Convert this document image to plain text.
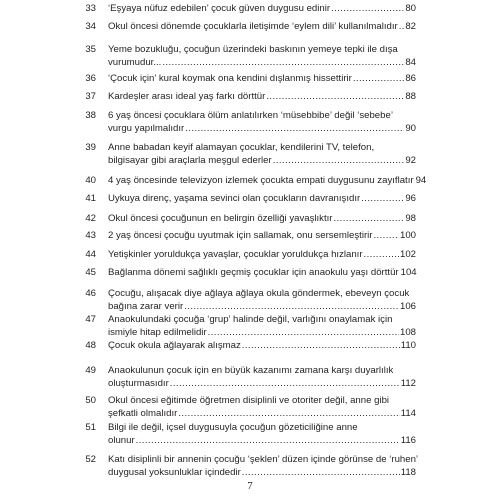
33 ‘Eşyaya nüfuz edebilen’ çocuk güven duygusu edinir .....	80
34 Okul öncesi dönemde çocuklarla iletişimde ‘eylem dili’ kullanılmalıdır ..... 82
35 Yeme bozukluğu, çocuğun üzerindeki baskının yemeye tepki ile dışa
vurumudur... .....	84
36 ‘Çocuk için’ kural koymak ona kendini dışlanmış hissettirir .....	86
37 Kardeşler arası ideal yaş farkı dörttür .....	88
38 6 yaş öncesi çocuklara ölüm anlatılırken ‘müsebbibe’ değil ‘sebebe’
vurgu yapılmalıdır .....	90
39 Anne babadan keyif alamayan çocuklar, kendilerini TV, telefon,
bilgisayar gibi araçlarla meşgul ederler .....	92
40 4 yaş öncesinde televizyon izlemek çocukta empati duygusunu zayıflatır 94
41 Uykuya direnç, yaşama sevinci olan çocukların davranışıdır .....	96
42 Okul öncesi çocuğunun en belirgin özelliği yavaşlıktır .....	98
43 2 yaş öncesi çocuğu uyutmak için sallamak, onu sersemleştirir .....	100
44 Yetişkinler yoruldukça yavaşlar, çocuklar yoruldukça hızlanır .....	102
45 Bağlanma dönemi sağlıklı geçmiş çocuklar için anaokulu yaşı dörttür 104
46 Çocuğu, alışacak diye ağlaya ağlaya okula göndermek, ebeveyn çocuk
bağına zarar verir .....	106
47 Anaokulundaki çocuğa ‘grup’ halinde değil, varlığını onaylamak için
ismiyle hitap edilmelidir .....	108
48 Çocuk okula ağlayarak alışmaz .....	110
49 Anaokulunun çocuk için en büyük kazanımı zamana karşı duyarlılık
oluşturmasıdır .....	112
50 Okul öncesi eğitimde öğretmen disiplinli ve otoriter değil, anne gibi
şefkatli olmalıdır .....	114
51 Bilgi ile değil, içsel duygusuyla çocuğun gözeticiliğine anne
olunur .....	116
52 Katı disiplinli bir annenin çocuğu ‘şeklen’ düzen içinde görünse de ‘ruhen’
duygusal yoksunluklar içindedir .....	118
7
